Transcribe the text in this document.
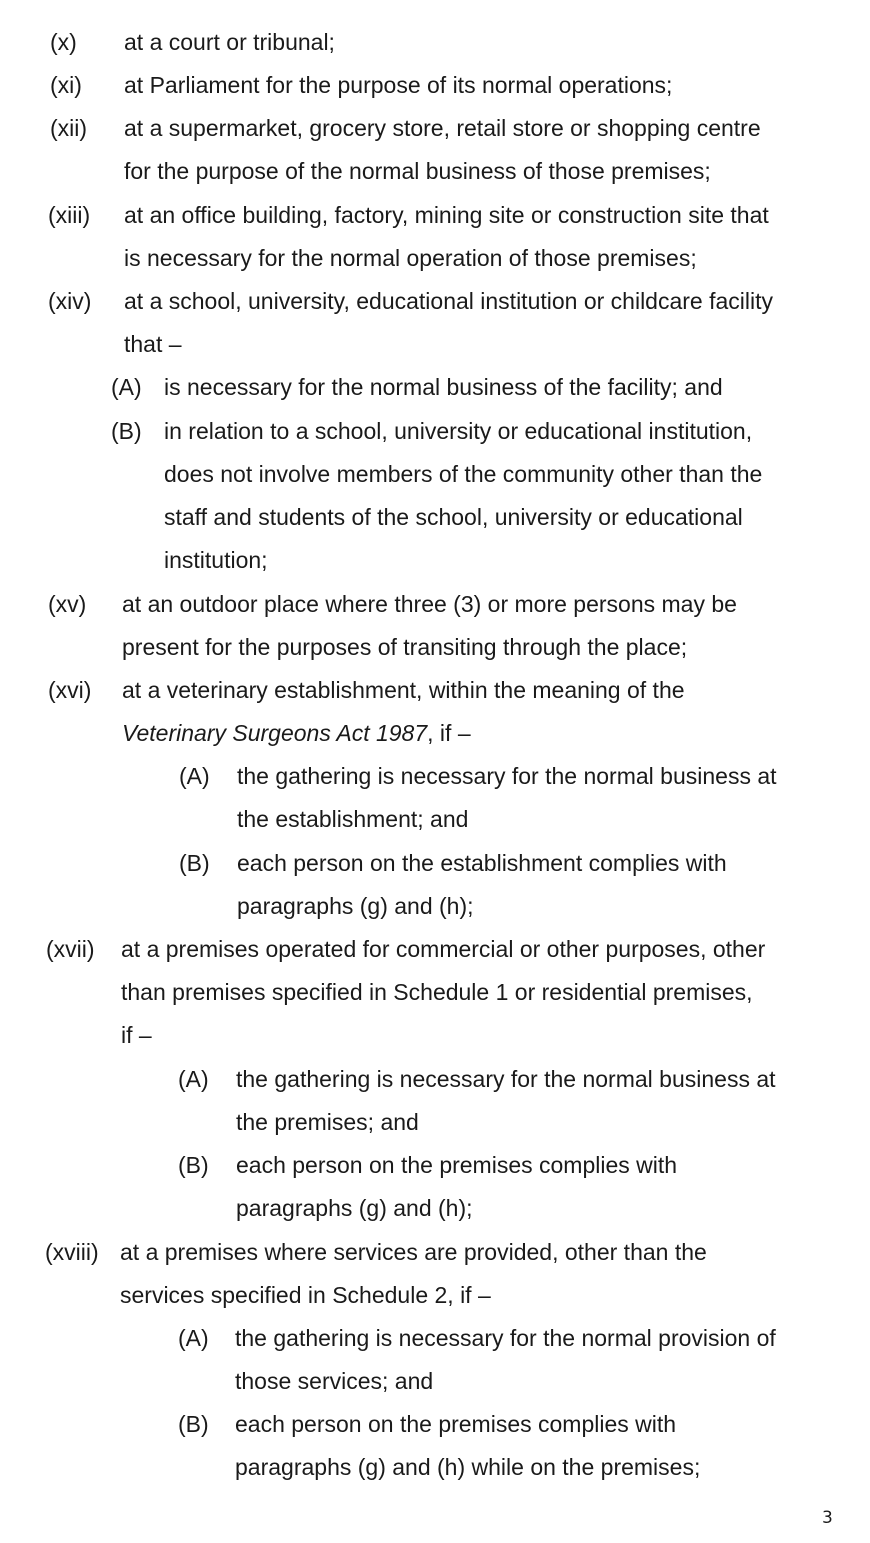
(x) at a court or tribunal;
(xi) at Parliament for the purpose of its normal operations;
(xii) at a supermarket, grocery store, retail store or shopping centre
for the purpose of the normal business of those premises;
(xiii) at an office building, factory, mining site or construction site that
is necessary for the normal operation of those premises;
(xiv) at a school, university, educational institution or childcare facility
that –
(A) is necessary for the normal business of the facility; and
(B) in relation to a school, university or educational institution,
does not involve members of the community other than the
staff and students of the school, university or educational
institution;
(xv) at an outdoor place where three (3) or more persons may be
present for the purposes of transiting through the place;
(xvi) at a veterinary establishment, within the meaning of the
Veterinary Surgeons Act 1987, if –
(A) the gathering is necessary for the normal business at
the establishment; and
(B) each person on the establishment complies with
paragraphs (g) and (h);
(xvii) at a premises operated for commercial or other purposes, other
than premises specified in Schedule 1 or residential premises,
if –
(A) the gathering is necessary for the normal business at
the premises; and
(B) each person on the premises complies with
paragraphs (g) and (h);
(xviii) at a premises where services are provided, other than the
services specified in Schedule 2, if –
(A) the gathering is necessary for the normal provision of
those services; and
(B) each person on the premises complies with
paragraphs (g) and (h) while on the premises;
3
